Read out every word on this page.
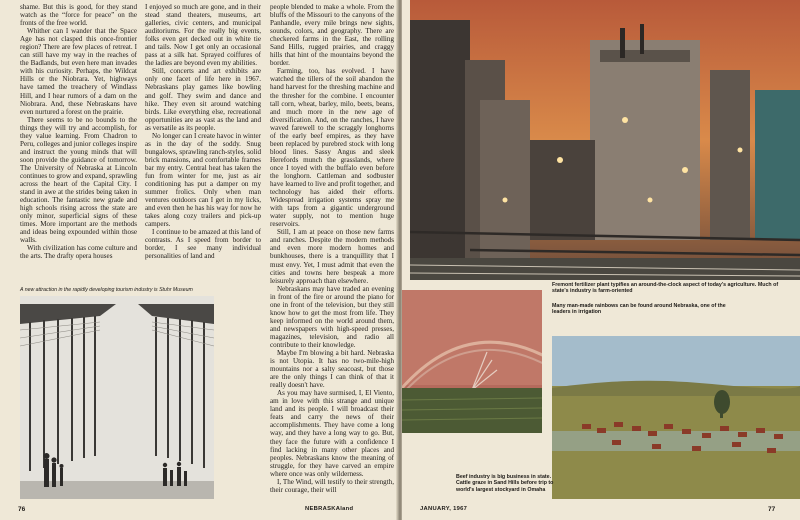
shame. But this is good, for they stand watch as the “force for peace” on the fronts of the free world.

Whither can I wander that the Space Age has not clasped this once-frontier region? There are few places of retreat. I can still have my way in the reaches of the Badlands, but even here man invades with his curiosity. Perhaps, the Wildcat Hills or the Niobrara. Yet, highways have tamed the treachery of Windlass Hill, and I hear rumors of a dam on the Niobrara. And, these Nebraskans have even nurtured a forest on the prairie.

There seems to be no bounds to the things they will try and accomplish, for they value learning. From Chadron to Peru, colleges and junior colleges inspire and instruct the young minds that will soon provide the guidance of tomorrow. The University of Nebraska at Lincoln continues to grow and expand, sprawling across the heart of the Capital City. I stand in awe at the strides being taken in education. The fantastic new grade and high schools rising across the state are only minor, superficial signs of these times. More important are the methods and ideas being expounded within those walls.

With civilization has come culture and the arts. The drafty opera houses

I enjoyed so much are gone, and in their stead stand theaters, museums, art galleries, civic centers, and municipal auditoriums. For the really big events, folks even get decked out in white tie and tails. Now I get only an occasional pass at a silk hat. Sprayed coiffures of the ladies are beyond even my abilities.

Still, concerts and art exhibits are only one facet of life here in 1967. Nebraskans play games like bowling and golf. They swim and dance and hike. They even sit around watching birds. Like everything else, recreational opportunities are as vast as the land and as versatile as its people.

No longer can I create havoc in winter as in the day of the soddy. Snug bungalows, sprawling ranch-styles, solid brick mansions, and comfortable frames bar my entry. Central heat has taken the fun from winter for me, just as air conditioning has put a damper on my summer frolics. Only when man ventures outdoors can I get in my licks, and even then he has his way for now he takes along cozy trailers and pick-up campers.

I continue to be amazed at this land of contrasts. As I speed from border to border, I see many individual personalities of land and

people blended to make a whole. From the bluffs of the Missouri to the canyons of the Panhandle, every mile brings new sights, sounds, colors, and geography. There are checkered farms in the East, the rolling Sand Hills, rugged prairies, and craggy hills that hint of the mountains beyond the border.

Farming, too, has evolved. I have watched the tillers of the soil abandon the hand harvest for the threshing machine and the thresher for the combine. I encounter tall corn, wheat, barley, milo, beets, beans, and much more in the new age of diversification. And, on the ranches, I have waved farewell to the scraggly longhorns of the early beef empires, as they have been replaced by purebred stock with long blood lines. Sassy Angus and sleek Herefords munch the grasslands, where once I toyed with the buffalo even before the longhorn. Cattleman and sodbuster have learned to live and profit together, and technology has aided their efforts. Widespread irrigation systems spray me with taps from a gigantic underground water supply, not to mention huge reservoirs.

Still, I am at peace on those new farms and ranches. Despite the modern methods and even more modern homes and bunkhouses, there is a tranquillity that I must envy. Yet, I must admit that even the cities and towns here bespeak a more leisurely approach than elsewhere.

Nebraskans may have traded an evening in front of the fire or around the piano for one in front of the television, but they still know how to get the most from life. They keep informed on the world around them, and newspapers with high-speed presses, magazines, television, and radio all contribute to their knowledge.

Maybe I'm blowing a bit hard. Nebraska is not Utopia. It has no two-mile-high mountains nor a salty seacoast, but those are the only things I can think of that it really doesn't have.

As you may have surmised, I, El Viento, am in love with this strange and unique land and its people. I will broadcast their feats and carry the news of their accomplishments. They have come a long way, and they have a long way to go. But, they face the future with a confidence I find lacking in many other places and peoples. Nebraskans know the meaning of struggle, for they have carved an empire where once was only wilderness.

I, The Wind, will testify to their strength, their courage, their will

A new attraction in the rapidly developing tourism industry is Stuhr Museum
76	NEBRASKAland
Fremont fertilizer plant typifies an around-the-clock aspect of today's agriculture. Much of state's industry is farm-oriented
Many man-made rainbows can be found around Nebraska, one of the leaders in irrigation
Beef industry is big business in state. Cattle graze in Sand Hills before trip to world's largest stockyard in Omaha
JANUARY, 1967	77
